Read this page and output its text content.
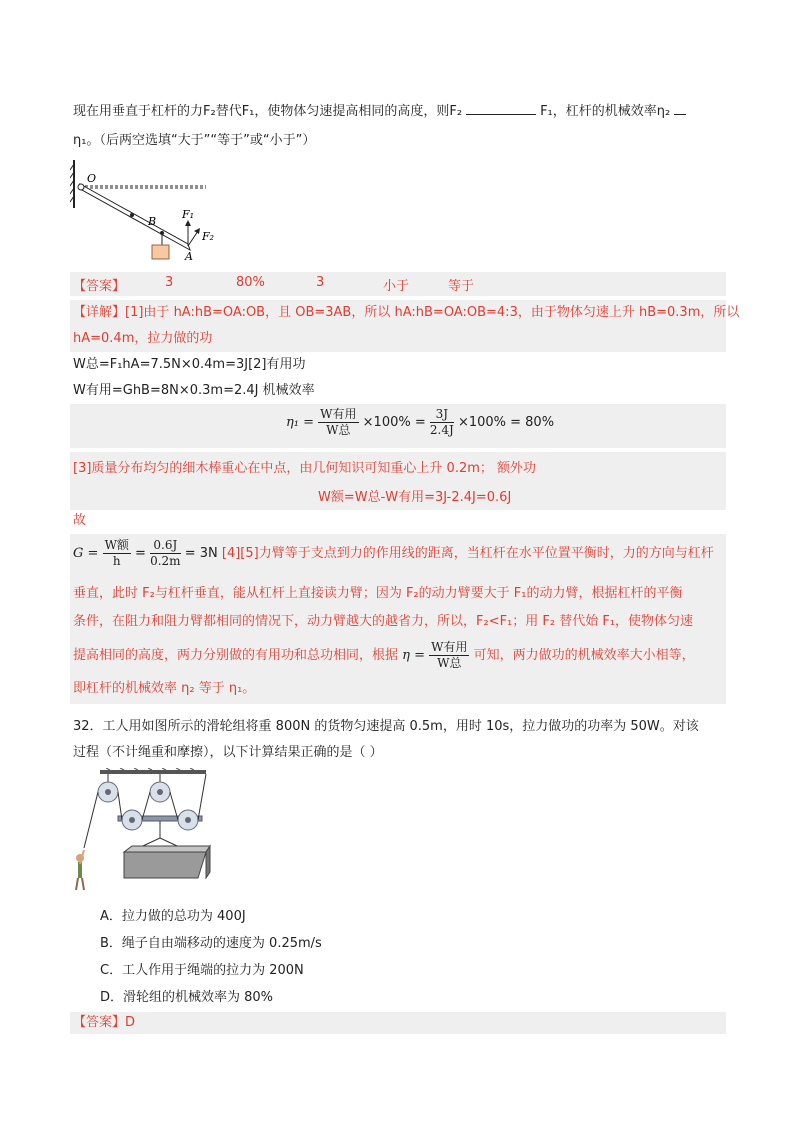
现在用垂直于杠杆的力F₂替代F₁，使物体匀速提高相同的高度，则F₂	F₁，杠杆的机械效率η₂
η₁。（后两空选填“大于”“等于”或“小于”）
O
B
A
F₁
F₂
【答案】	3	80%	3	小于	等于
【详解】[1]由于 hA:hB=OA:OB，且 OB=3AB，所以 hA:hB=OA:OB=4:3，由于物体匀速上升 hB=0.3m，所以
hA=0.4m，拉力做的功
W总=F₁hA=7.5N×0.4m=3J[2]有用功
W有用=GhB=8N×0.3m=2.4J 机械效率
$\eta_1 = \frac{\text{W有用}}{\text{W总}} \times 100\% = \frac{3J}{2.4J} \times 100\% = 80\%$
[3]质量分布均匀的细木棒重心在中点，由几何知识可知重心上升 0.2m； 额外功
W额=W总-W有用=3J-2.4J=0.6J
故
$G = \frac{\text{W额}}{h} = \frac{0.6J}{0.2m} = 3N$ [4][5]力臂等于支点到力的作用线的距离，当杠杆在水平位置平衡时，力的方向与杠杆
垂直，此时 F₂与杠杆垂直，能从杠杆上直接读力臂；因为 F₂的动力臂要大于 F₁的动力臂，根据杠杆的平衡
条件，在阻力和阻力臂都相同的情况下，动力臂越大的越省力，所以，F₂<F₁；用 F₂ 替代始 F₁，使物体匀速
提高相同的高度，两力分别做的有用功和总功相同，根据 $\eta = \frac{\text{W有用}}{\text{W总}}$ 可知，两力做功的机械效率大小相等，
即杠杆的机械效率 η₂ 等于 η₁。
32．工人用如图所示的滑轮组将重 800N 的货物匀速提高 0.5m，用时 10s，拉力做功的功率为 50W。对该
过程（不计绳重和摩擦），以下计算结果正确的是（ ）
A．拉力做的总功为 400J
B．绳子自由端移动的速度为 0.25m/s
C．工人作用于绳端的拉力为 200N
D．滑轮组的机械效率为 80%
【答案】D
